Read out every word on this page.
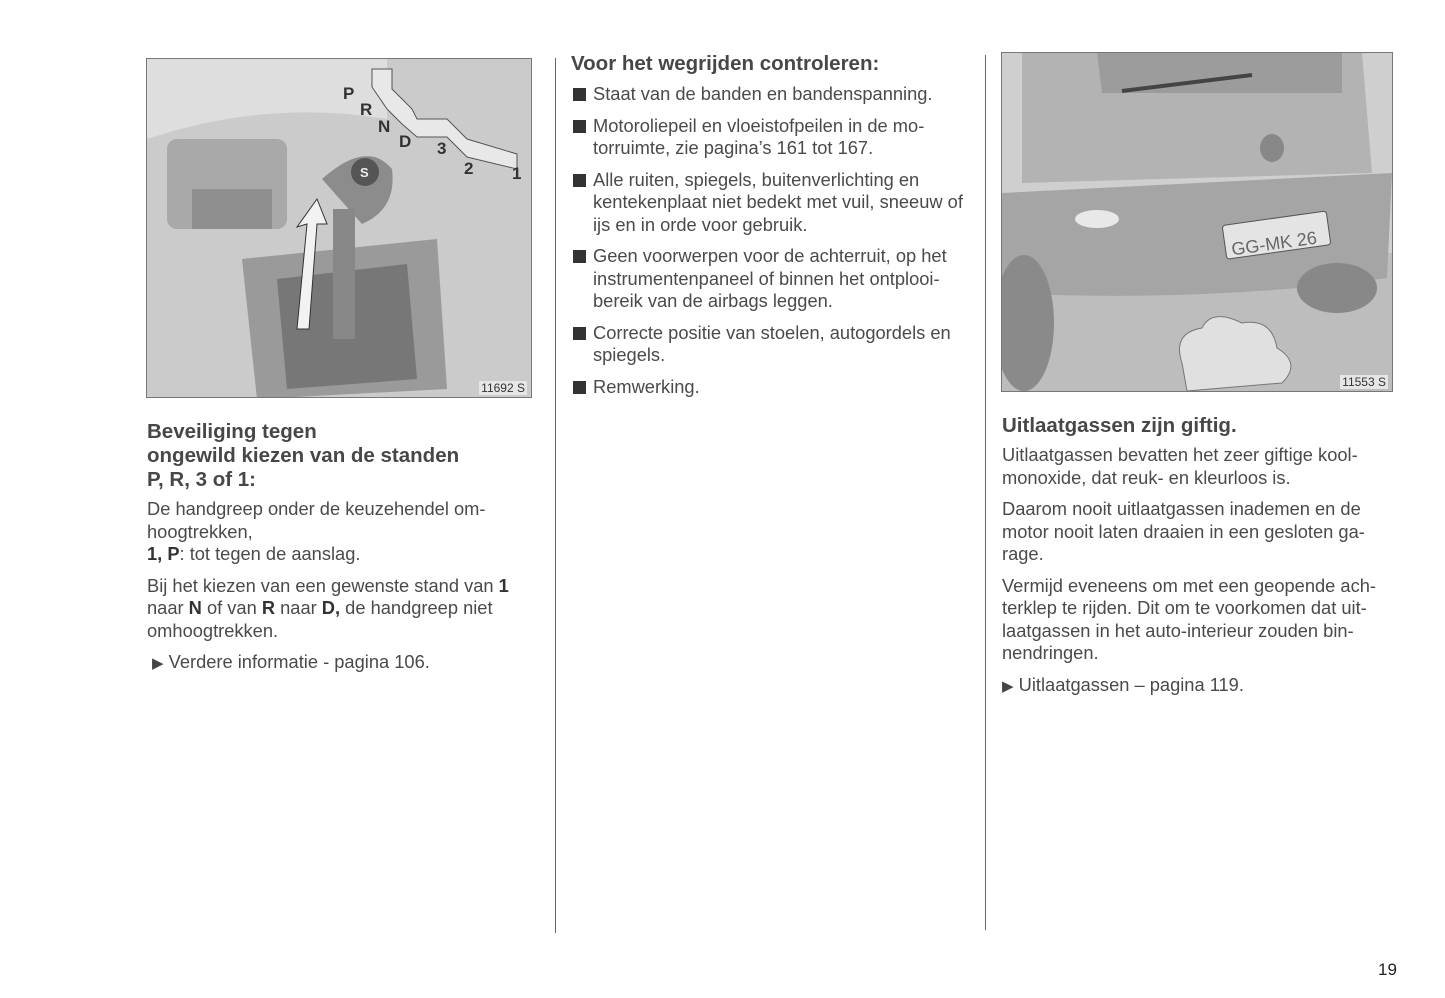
P
R
N
D 3
2 1
S
11692 S
Beveiliging tegen
ongewild kiezen van de standen
P, R, 3 of 1:

De handgreep onder de keuzehendel om-
hoogtrekken,
1, P: tot tegen de aanslag.

Bij het kiezen van een gewenste stand van 1
naar N of van R naar D, de handgreep niet
omhoogtrekken.

▶ Verdere informatie - pagina 106.

Voor het wegrijden controleren:
Staat van de banden en bandenspanning.
Motoroliepeil en vloeistofpeilen in de mo-torruimte, zie pagina’s 161 tot 167.
Alle ruiten, spiegels, buitenverlichting en kentekenplaat niet bedekt met vuil, sneeuw of ijs en in orde voor gebruik.
Geen voorwerpen voor de achterruit, op het instrumentenpaneel of binnen het ontplooi-bereik van de airbags leggen.
Correcte positie van stoelen, autogordels en spiegels.
Remwerking.
GG-MK 26
11553 S
Uitlaatgassen zijn giftig.

Uitlaatgassen bevatten het zeer giftige kool-monoxide, dat reuk- en kleurloos is.

Daarom nooit uitlaatgassen inademen en de motor nooit laten draaien in een gesloten ga-rage.

Vermijd eveneens om met een geopende ach-terklep te rijden. Dit om te voorkomen dat uit-laatgassen in het auto-interieur zouden bin-nendringen.

▶ Uitlaatgassen – pagina 119.

19
